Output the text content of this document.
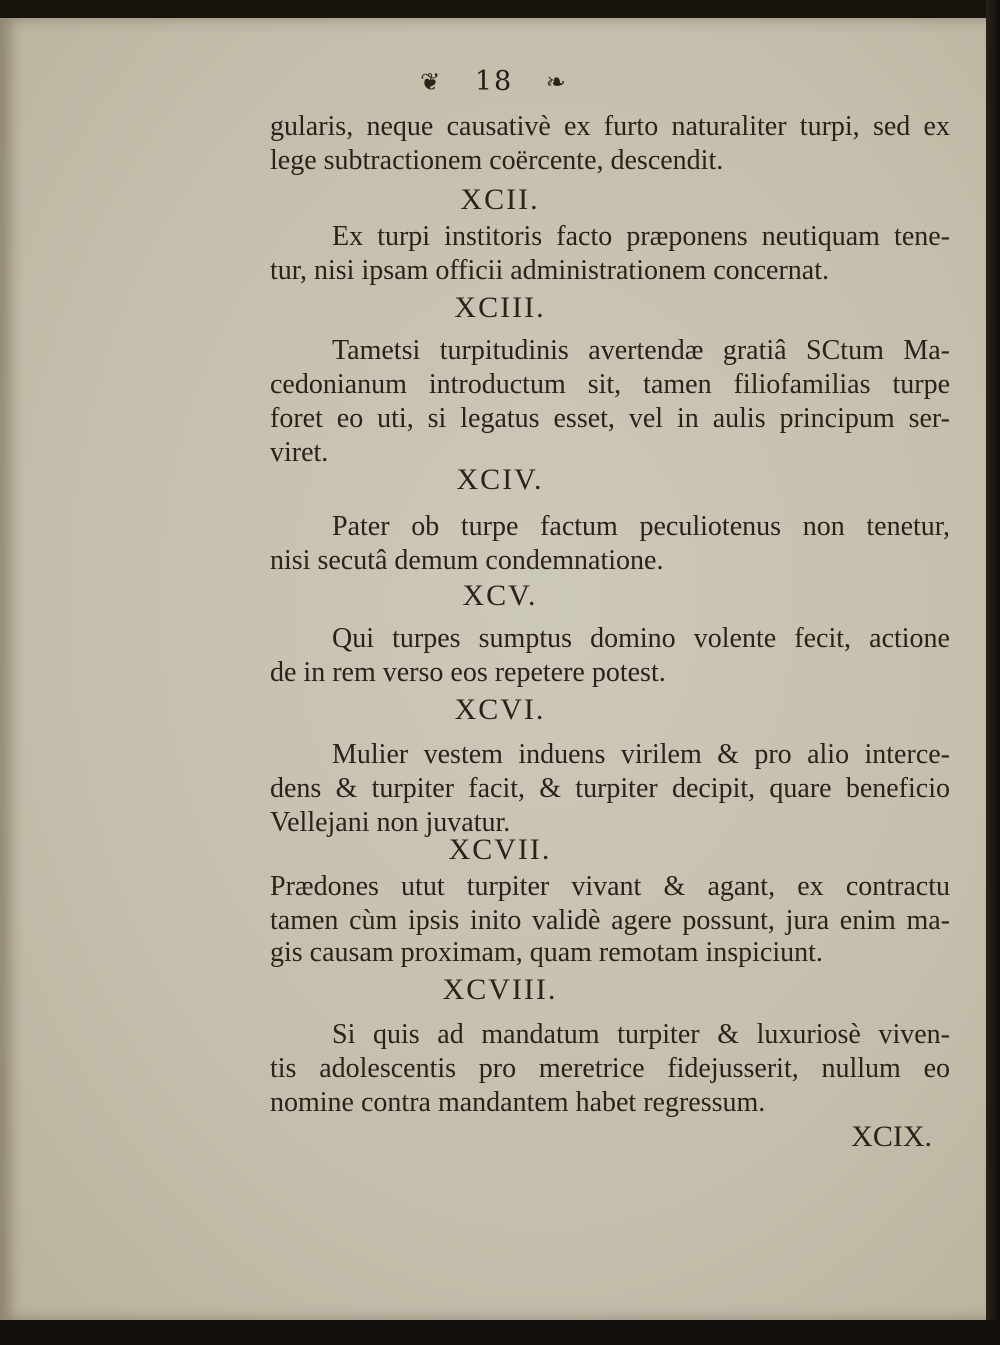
❦ 18 ❧
gularis, neque causativè ex furto naturaliter turpi, sed ex
lege subtractionem coërcente, descendit.
XCII.
Ex turpi institoris facto præponens neutiquam tene-
tur, nisi ipsam officii administrationem concernat.
XCIII.
Tametsi turpitudinis avertendæ gratiâ SCtum Ma-
cedonianum introductum sit, tamen filiofamilias turpe
foret eo uti, si legatus esset, vel in aulis principum ser-
viret.
XCIV.
Pater ob turpe factum peculiotenus non tenetur,
nisi secutâ demum condemnatione.
XCV.
Qui turpes sumptus domino volente fecit, actione
de in rem verso eos repetere potest.
XCVI.
Mulier vestem induens virilem & pro alio interce-
dens & turpiter facit, & turpiter decipit, quare beneficio
Vellejani non juvatur.
XCVII.
Prædones utut turpiter vivant & agant, ex contractu
tamen cùm ipsis inito validè agere possunt, jura enim ma-
gis causam proximam, quam remotam inspiciunt.
XCVIII.
Si quis ad mandatum turpiter & luxuriosè viven-
tis adolescentis pro meretrice fidejusserit, nullum eo
nomine contra mandantem habet regressum.
XCIX.
